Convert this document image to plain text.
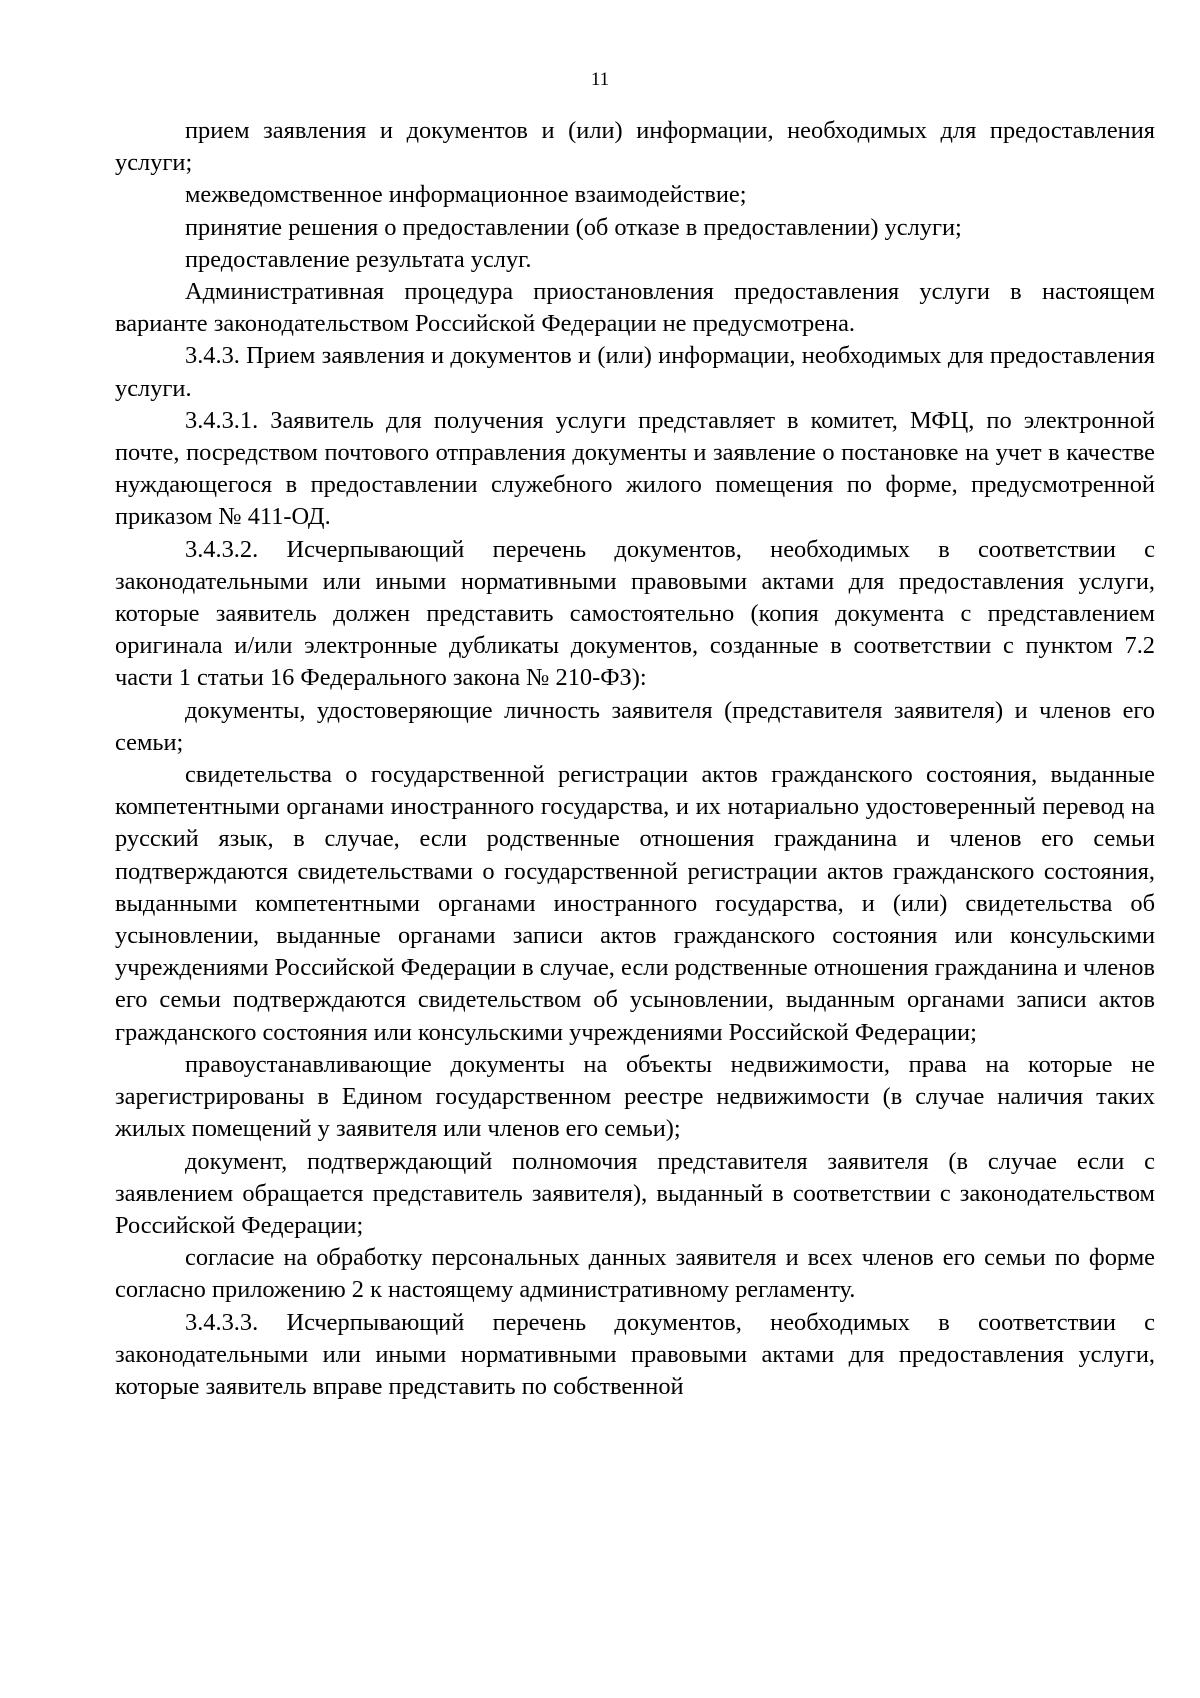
11

прием заявления и документов и (или) информации, необходимых для предоставления услуги;

межведомственное информационное взаимодействие;

принятие решения о предоставлении (об отказе в предоставлении) услуги;

предоставление результата услуг.

Административная процедура приостановления предоставления услуги в настоящем варианте законодательством Российской Федерации не предусмотрена.

3.4.3. Прием заявления и документов и (или) информации, необходимых для предоставления услуги.

3.4.3.1. Заявитель для получения услуги представляет в комитет, МФЦ, по электронной почте, посредством почтового отправления документы и заявление о постановке на учет в качестве нуждающегося в предоставлении служебного жилого помещения по форме, предусмотренной приказом № 411-ОД.

3.4.3.2. Исчерпывающий перечень документов, необходимых в соответствии с законодательными или иными нормативными правовыми актами для предоставления услуги, которые заявитель должен представить самостоятельно (копия документа с представлением оригинала и/или электронные дубликаты документов, созданные в соответствии с пунктом 7.2 части 1 статьи 16 Федерального закона № 210-ФЗ):

документы, удостоверяющие личность заявителя (представителя заявителя) и членов его семьи;

свидетельства о государственной регистрации актов гражданского состояния, выданные компетентными органами иностранного государства, и их нотариально удостоверенный перевод на русский язык, в случае, если родственные отношения гражданина и членов его семьи подтверждаются свидетельствами о государственной регистрации актов гражданского состояния, выданными компетентными органами иностранного государства, и (или) свидетельства об усыновлении, выданные органами записи актов гражданского состояния или консульскими учреждениями Российской Федерации в случае, если родственные отношения гражданина и членов его семьи подтверждаются свидетельством об усыновлении, выданным органами записи актов гражданского состояния или консульскими учреждениями Российской Федерации;

правоустанавливающие документы на объекты недвижимости, права на которые не зарегистрированы в Едином государственном реестре недвижимости (в случае наличия таких жилых помещений у заявителя или членов его семьи);

документ, подтверждающий полномочия представителя заявителя (в случае если с заявлением обращается представитель заявителя), выданный в соответствии с законодательством Российской Федерации;

согласие на обработку персональных данных заявителя и всех членов его семьи по форме согласно приложению 2 к настоящему административному регламенту.

3.4.3.3. Исчерпывающий перечень документов, необходимых в соответствии с законодательными или иными нормативными правовыми актами для предоставления услуги, которые заявитель вправе представить по собственной
